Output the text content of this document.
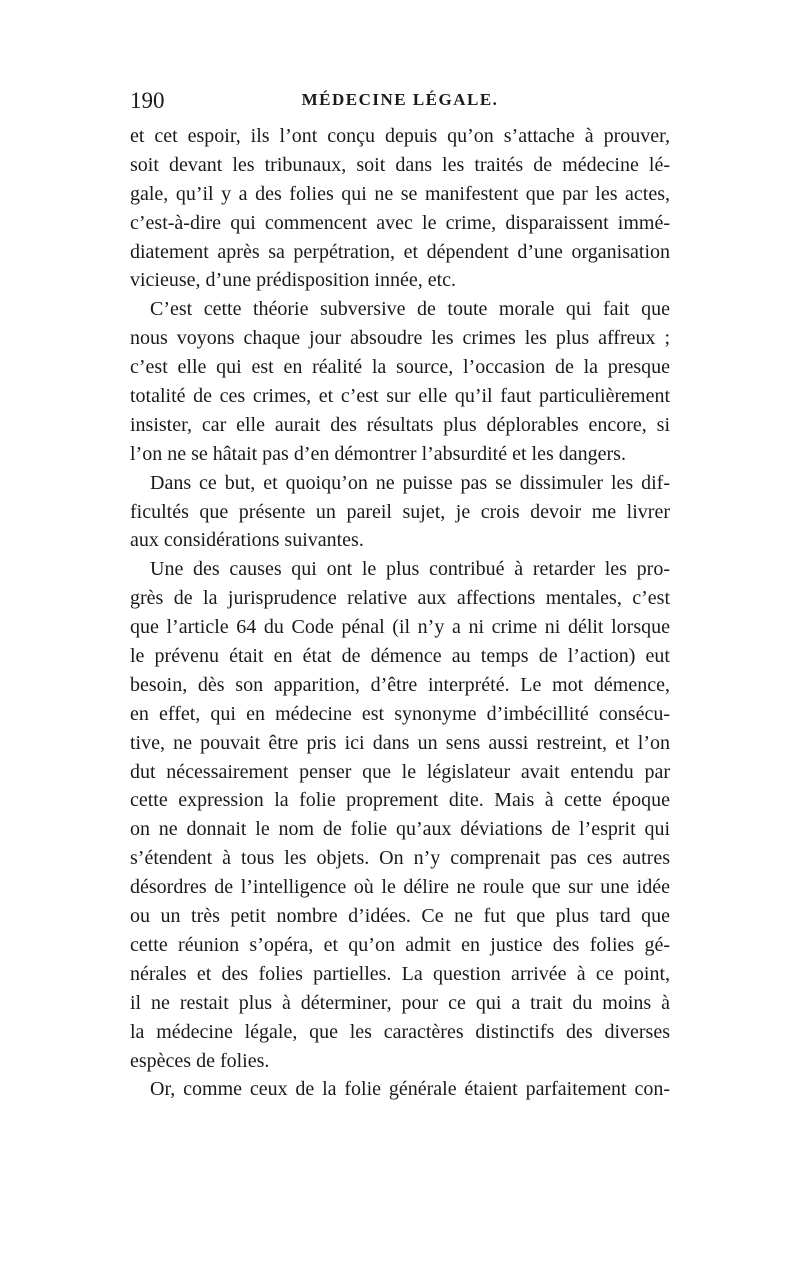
190	MÉDECINE LÉGALE.
et cet espoir, ils l’ont conçu depuis qu’on s’attache à prouver,
soit devant les tribunaux, soit dans les traités de médecine lé-
gale, qu’il y a des folies qui ne se manifestent que par les actes,
c’est-à-dire qui commencent avec le crime, disparaissent immé-
diatement après sa perpétration, et dépendent d’une organisation
vicieuse, d’une prédisposition innée, etc.
C’est cette théorie subversive de toute morale qui fait que
nous voyons chaque jour absoudre les crimes les plus affreux ;
c’est elle qui est en réalité la source, l’occasion de la presque
totalité de ces crimes, et c’est sur elle qu’il faut particulièrement
insister, car elle aurait des résultats plus déplorables encore, si
l’on ne se hâtait pas d’en démontrer l’absurdité et les dangers.
Dans ce but, et quoiqu’on ne puisse pas se dissimuler les dif-
ficultés que présente un pareil sujet, je crois devoir me livrer
aux considérations suivantes.
Une des causes qui ont le plus contribué à retarder les pro-
grès de la jurisprudence relative aux affections mentales, c’est
que l’article 64 du Code pénal (il n’y a ni crime ni délit lorsque
le prévenu était en état de démence au temps de l’action) eut
besoin, dès son apparition, d’être interprété. Le mot démence,
en effet, qui en médecine est synonyme d’imbécillité consécu-
tive, ne pouvait être pris ici dans un sens aussi restreint, et l’on
dut nécessairement penser que le législateur avait entendu par
cette expression la folie proprement dite. Mais à cette époque
on ne donnait le nom de folie qu’aux déviations de l’esprit qui
s’étendent à tous les objets. On n’y comprenait pas ces autres
désordres de l’intelligence où le délire ne roule que sur une idée
ou un très petit nombre d’idées. Ce ne fut que plus tard que
cette réunion s’opéra, et qu’on admit en justice des folies gé-
nérales et des folies partielles. La question arrivée à ce point,
il ne restait plus à déterminer, pour ce qui a trait du moins à
la médecine légale, que les caractères distinctifs des diverses
espèces de folies.
Or, comme ceux de la folie générale étaient parfaitement con-
